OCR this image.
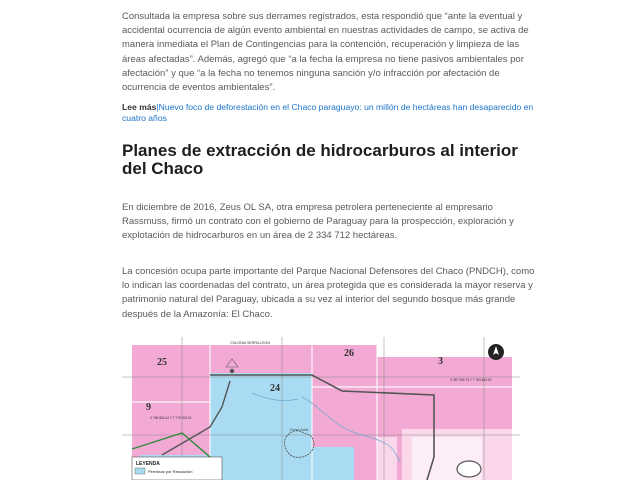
Consultada la empresa sobre sus derrames registrados, esta respondió que “ante la eventual y accidental ocurrencia de algún evento ambiental en nuestras actividades de campo, se activa de manera inmediata el Plan de Contingencias para la contención, recuperación y limpieza de las áreas afectadas”. Además, agregó que “a la fecha la empresa no tiene pasivos ambientales por afectación” y que “a la fecha no tenemos ninguna sanción y/o infracción por afectación de ocurrencia de eventos ambientales”.

Lee más|Nuevo foco de deforestación en el Chaco paraguayo: un millón de hectáreas han desaparecido en cuatro años
Planes de extracción de hidrocarburos al interior del Chaco

En diciembre de 2016, Zeus OL SA, otra empresa petrolera perteneciente al empresario Rassmuss, firmó un contrato con el gobierno de Paraguay para la prospección, exploración y explotación de hidrocarburos en un área de 2 334 712 hectáreas.

La concesión ocupa parte importante del Parque Nacional Defensores del Chaco (PNDCH), como lo indican las coordenadas del contrato, un área protegida que es considerada la mayor reserva y patrimonio natural del Paraguay, ubicada a su vez al interior del segundo bosque más grande después de la Amazonía: El Chaco.

25
26
3
24
9
COLONIA SERRA LEON
Cerro León
X 457 996.76 Y 7 780 863.40
X 786 864.42 Y 7 778 293.02
LEYENDA
Permisos por Resolución
